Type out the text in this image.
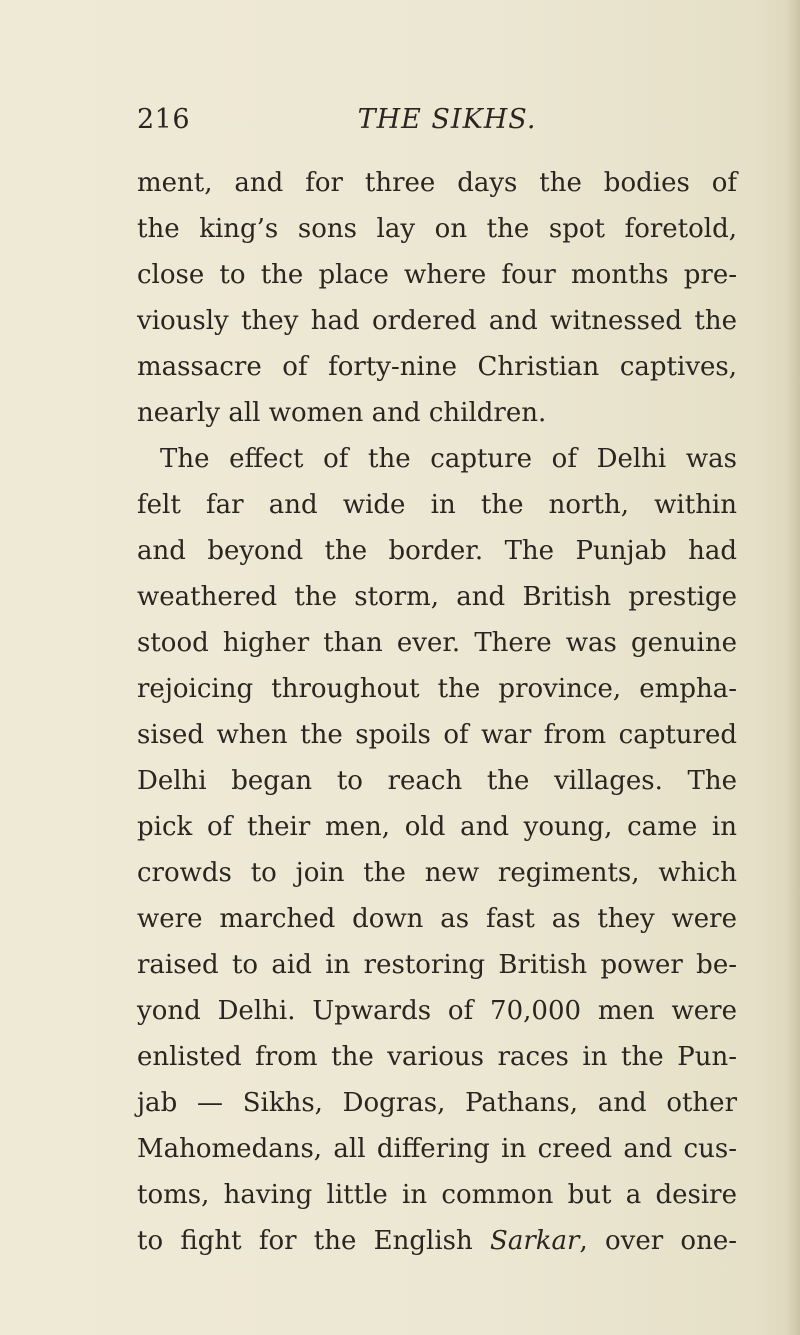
216	THE SIKHS.
ment, and for three days the bodies of
the king’s sons lay on the spot foretold,
close to the place where four months pre-
viously they had ordered and witnessed the
massacre of forty-nine Christian captives,
nearly all women and children.
The effect of the capture of Delhi was
felt far and wide in the north, within
and beyond the border. The Punjab had
weathered the storm, and British prestige
stood higher than ever. There was genuine
rejoicing throughout the province, empha-
sised when the spoils of war from captured
Delhi began to reach the villages. The
pick of their men, old and young, came in
crowds to join the new regiments, which
were marched down as fast as they were
raised to aid in restoring British power be-
yond Delhi. Upwards of 70,000 men were
enlisted from the various races in the Pun-
jab — Sikhs, Dogras, Pathans, and other
Mahomedans, all differing in creed and cus-
toms, having little in common but a desire
to fight for the English Sarkar, over one-
